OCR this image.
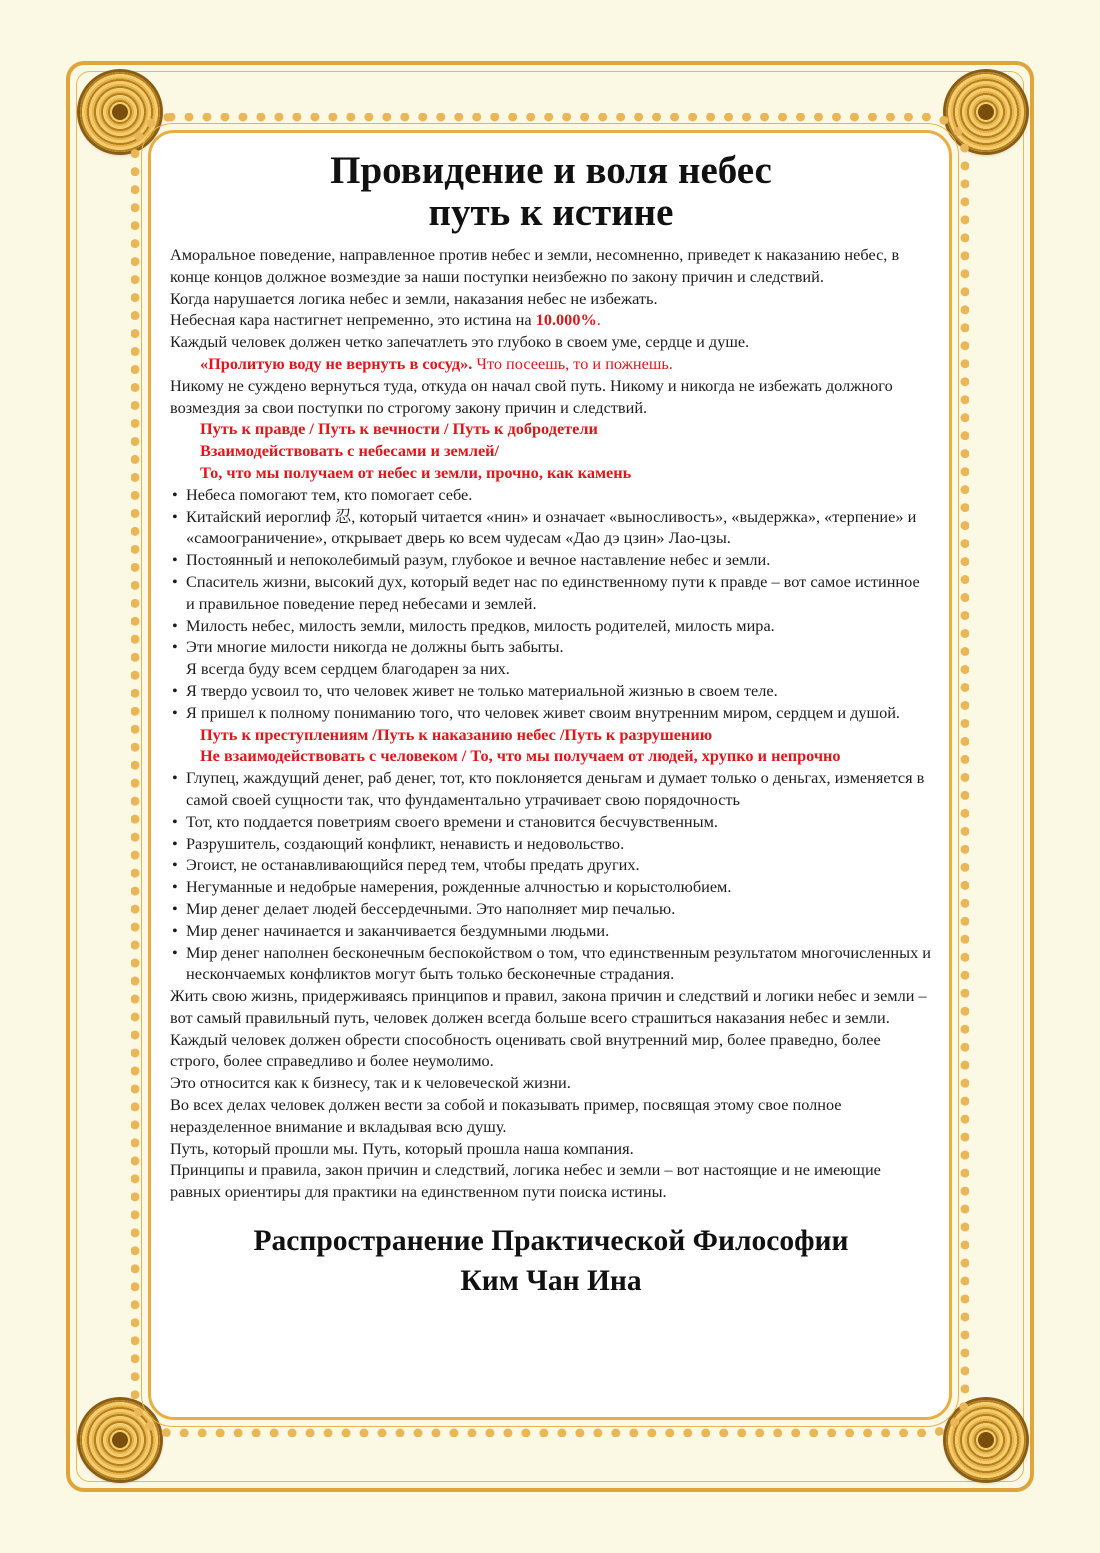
Провидение и воля небес
путь к истине

Аморальное поведение, направленное против небес и земли, несомненно, приведет к наказанию небес, в конце концов должное возмездие за наши поступки неизбежно по закону причин и следствий.

Когда нарушается логика небес и земли, наказания небес не избежать.

Небесная кара настигнет непременно, это истина на 10.000%.

Каждый человек должен четко запечатлеть это глубоко в своем уме, сердце и душе.

«Пролитую воду не вернуть в сосуд». Что посеешь, то и пожнешь.

Никому не суждено вернуться туда, откуда он начал свой путь. Никому и никогда не избежать должного возмездия за свои поступки по строгому закону причин и следствий.

Путь к правде / Путь к вечности / Путь к добродетели

Взаимодействовать с небесами и землей/

То, что мы получаем от небес и земли, прочно, как камень

• Небеса помогают тем, кто помогает себе.
• Китайский иероглиф 忍, который читается «нин» и означает «выносливость», «выдержка», «терпение» и «самоограничение», открывает дверь ко всем чудесам «Дао дэ цзин» Лао-цзы.
• Постоянный и непоколебимый разум, глубокое и вечное наставление небес и земли.
• Спаситель жизни, высокий дух, который ведет нас по единственному пути к правде – вот самое истинное и правильное поведение перед небесами и землей.
• Милость небес, милость земли, милость предков, милость родителей, милость мира.
• Эти многие милости никогда не должны быть забыты.

Я всегда буду всем сердцем благодарен за них.

• Я твердо усвоил то, что человек живет не только материальной жизнью в своем теле.
• Я пришел к полному пониманию того, что человек живет своим внутренним миром, сердцем и душой.

Путь к преступлениям /Путь к наказанию небес /Путь к разрушению

Не взаимодействовать с человеком / То, что мы получаем от людей, хрупко и непрочно

• Глупец, жаждущий денег, раб денег, тот, кто поклоняется деньгам и думает только о деньгах, изменяется в самой своей сущности так, что фундаментально утрачивает свою порядочность
• Тот, кто поддается поветриям своего времени и становится бесчувственным.
• Разрушитель, создающий конфликт, ненависть и недовольство.
• Эгоист, не останавливающийся перед тем, чтобы предать других.
• Негуманные и недобрые намерения, рожденные алчностью и корыстолюбием.
• Мир денег делает людей бессердечными. Это наполняет мир печалью.
• Мир денег начинается и заканчивается бездумными людьми.
• Мир денег наполнен бесконечным беспокойством о том, что единственным результатом многочисленных и нескончаемых конфликтов могут быть только бесконечные страдания.

Жить свою жизнь, придерживаясь принципов и правил, закона причин и следствий и логики небес и земли – вот самый правильный путь, человек должен всегда больше всего страшиться наказания небес и земли.

Каждый человек должен обрести способность оценивать свой внутренний мир, более праведно, более строго, более справедливо и более неумолимо.

Это относится как к бизнесу, так и к человеческой жизни.

Во всех делах человек должен вести за собой и показывать пример, посвящая этому свое полное неразделенное внимание и вкладывая всю душу.

Путь, который прошли мы. Путь, который прошла наша компания.

Принципы и правила, закон причин и следствий, логика небес и земли – вот настоящие и не имеющие равных ориентиры для практики на единственном пути поиска истины.

Распространение Практической Философии
Ким Чан Ина
